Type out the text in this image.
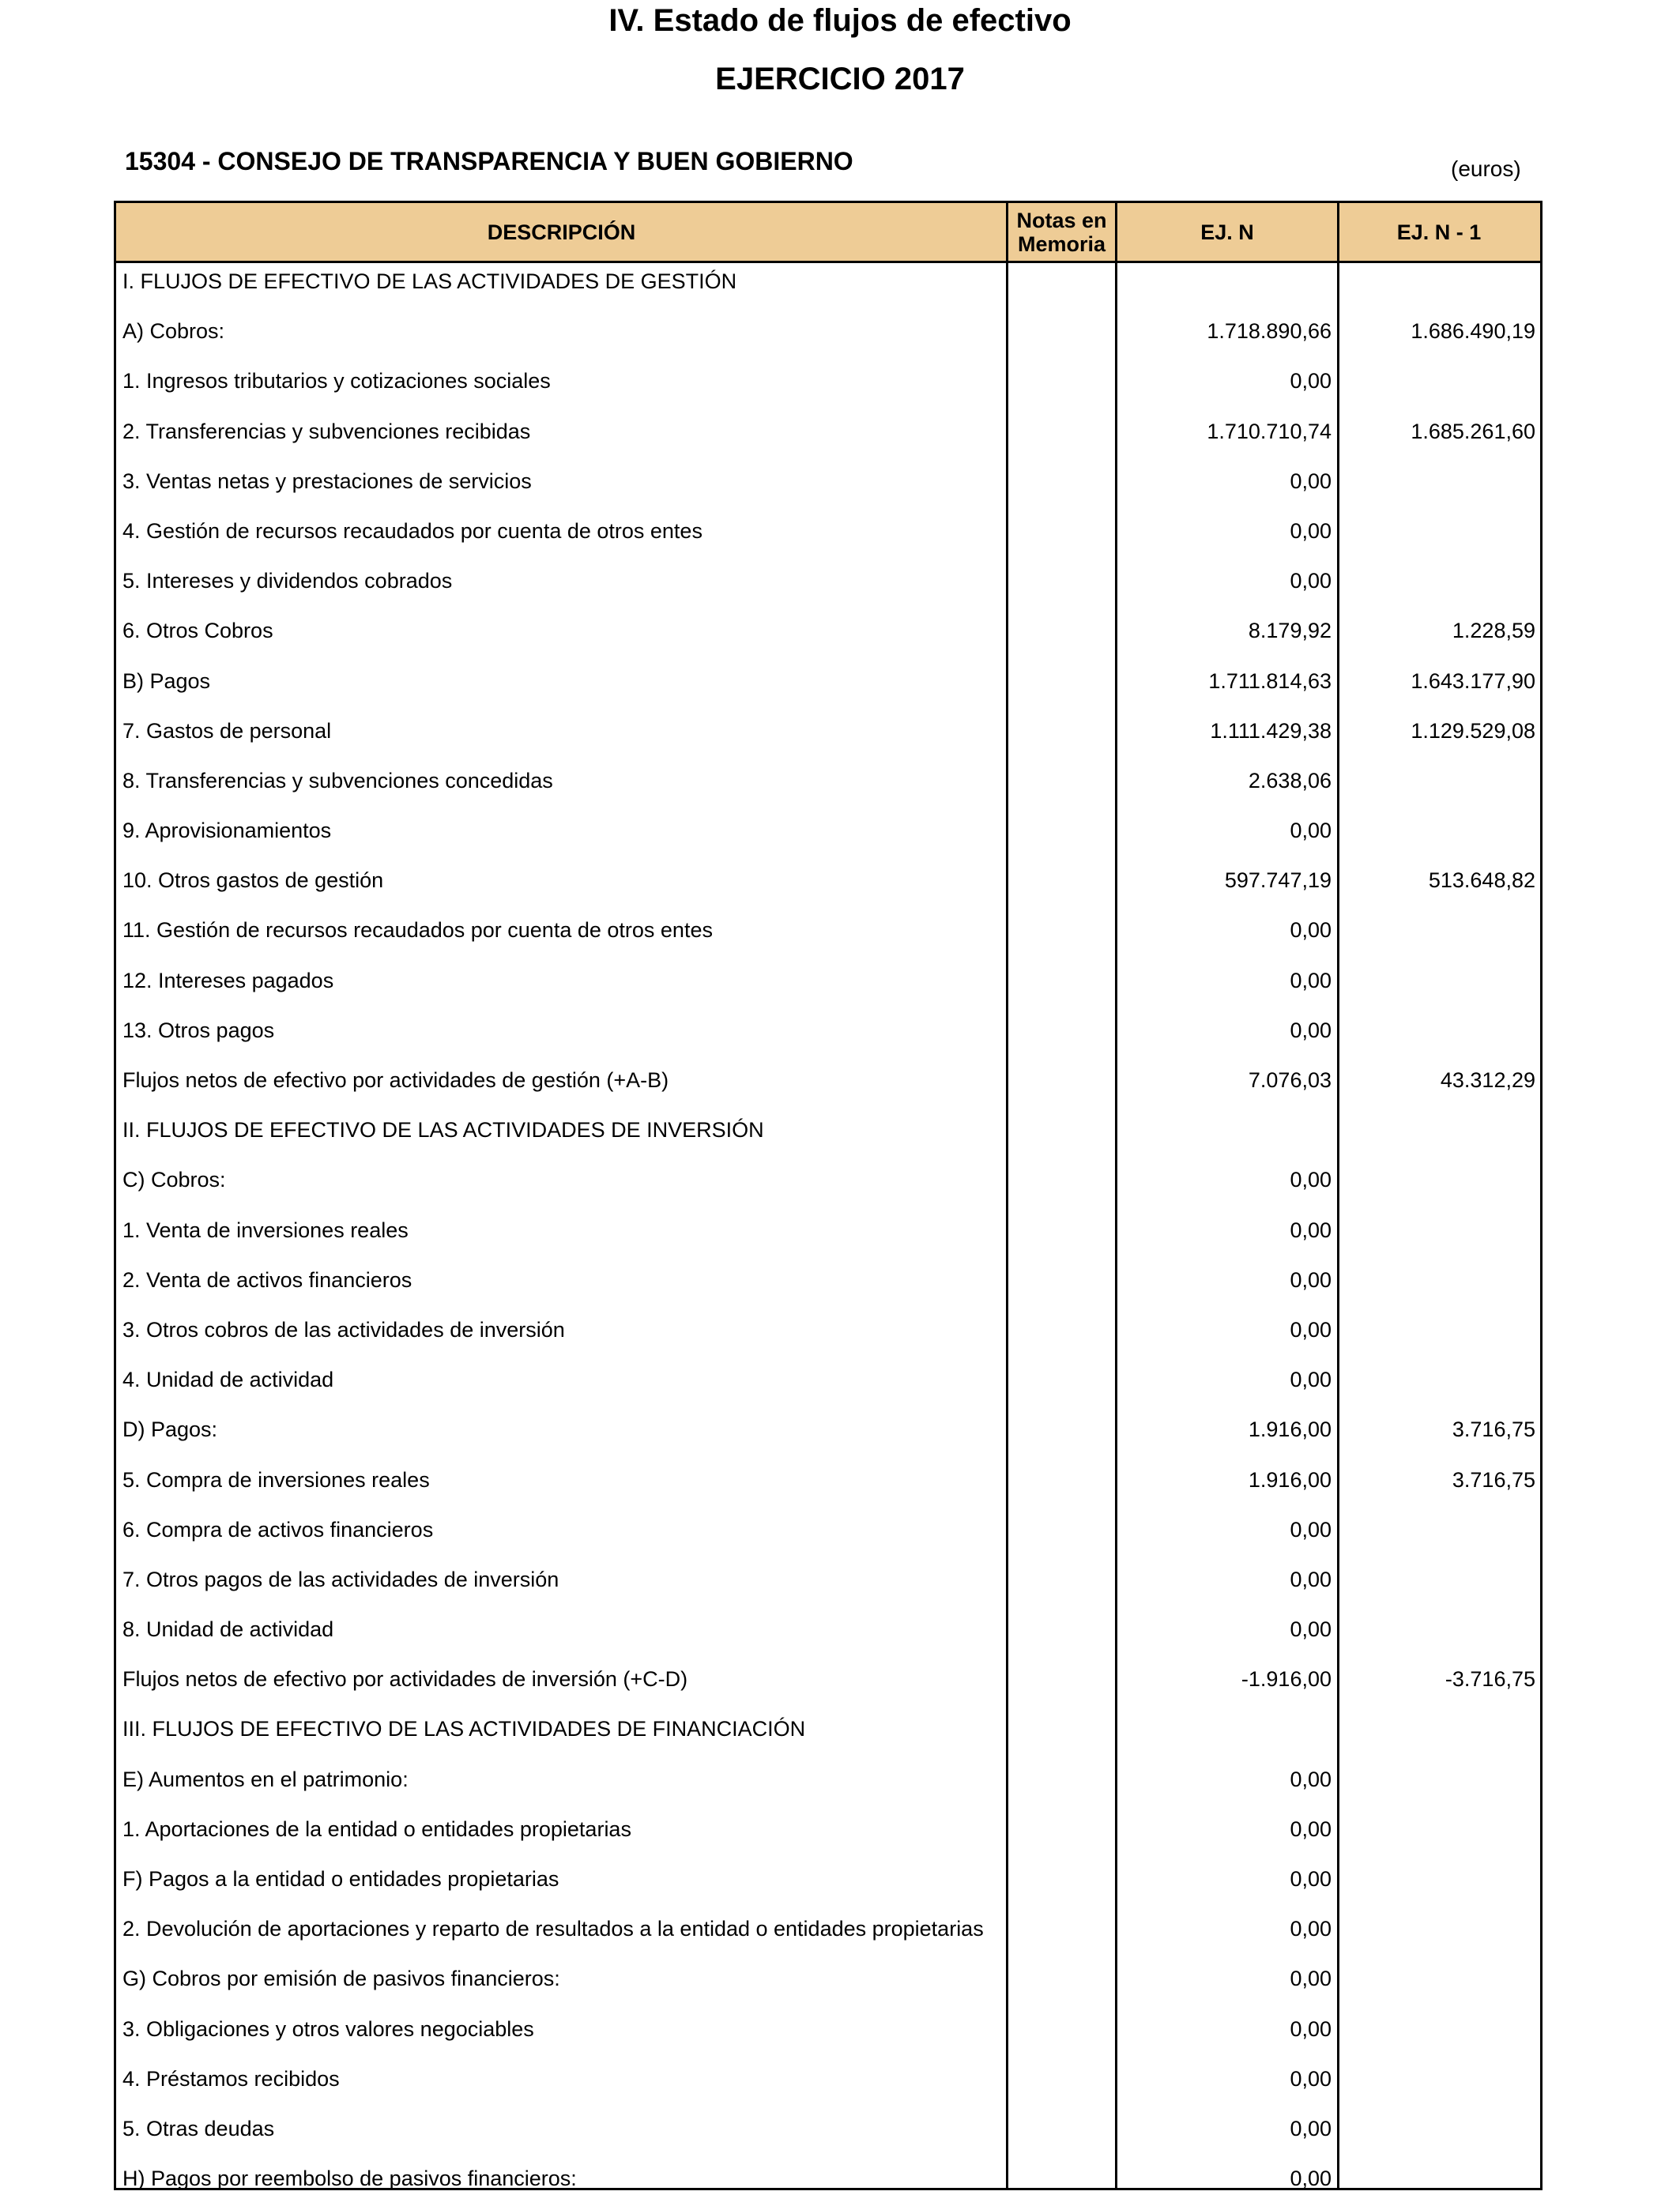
IV. Estado de flujos de efectivo
EJERCICIO 2017
15304 - CONSEJO DE TRANSPARENCIA Y BUEN GOBIERNO	(euros)
DESCRIPCIÓN	Notas en Memoria	EJ. N	EJ. N - 1
I. FLUJOS DE EFECTIVO DE LAS ACTIVIDADES DE GESTIÓN
A) Cobros:	1.718.890,66	1.686.490,19
1. Ingresos tributarios y cotizaciones sociales	0,00
2. Transferencias y subvenciones recibidas	1.710.710,74	1.685.261,60
3. Ventas netas y prestaciones de servicios	0,00
4. Gestión de recursos recaudados por cuenta de otros entes	0,00
5. Intereses y dividendos cobrados	0,00
6. Otros Cobros	8.179,92	1.228,59
B) Pagos	1.711.814,63	1.643.177,90
7. Gastos de personal	1.111.429,38	1.129.529,08
8. Transferencias y subvenciones concedidas	2.638,06
9. Aprovisionamientos	0,00
10. Otros gastos de gestión	597.747,19	513.648,82
11. Gestión de recursos recaudados por cuenta de otros entes	0,00
12. Intereses pagados	0,00
13. Otros pagos	0,00
Flujos netos de efectivo por actividades de gestión (+A-B)	7.076,03	43.312,29
II. FLUJOS DE EFECTIVO DE LAS ACTIVIDADES DE INVERSIÓN
C) Cobros:	0,00
1. Venta de inversiones reales	0,00
2. Venta de activos financieros	0,00
3. Otros cobros de las actividades de inversión	0,00
4. Unidad de actividad	0,00
D) Pagos:	1.916,00	3.716,75
5. Compra de inversiones reales	1.916,00	3.716,75
6. Compra de activos financieros	0,00
7. Otros pagos de las actividades de inversión	0,00
8. Unidad de actividad	0,00
Flujos netos de efectivo por actividades de inversión (+C-D)	-1.916,00	-3.716,75
III. FLUJOS DE EFECTIVO DE LAS ACTIVIDADES DE FINANCIACIÓN
E) Aumentos en el patrimonio:	0,00
1. Aportaciones de la entidad o entidades propietarias	0,00
F) Pagos a la entidad o entidades propietarias	0,00
2. Devolución de aportaciones y reparto de resultados a la entidad o entidades propietarias	0,00
G) Cobros por emisión de pasivos financieros:	0,00
3. Obligaciones y otros valores negociables	0,00
4. Préstamos recibidos	0,00
5. Otras deudas	0,00
H) Pagos por reembolso de pasivos financieros:	0,00
